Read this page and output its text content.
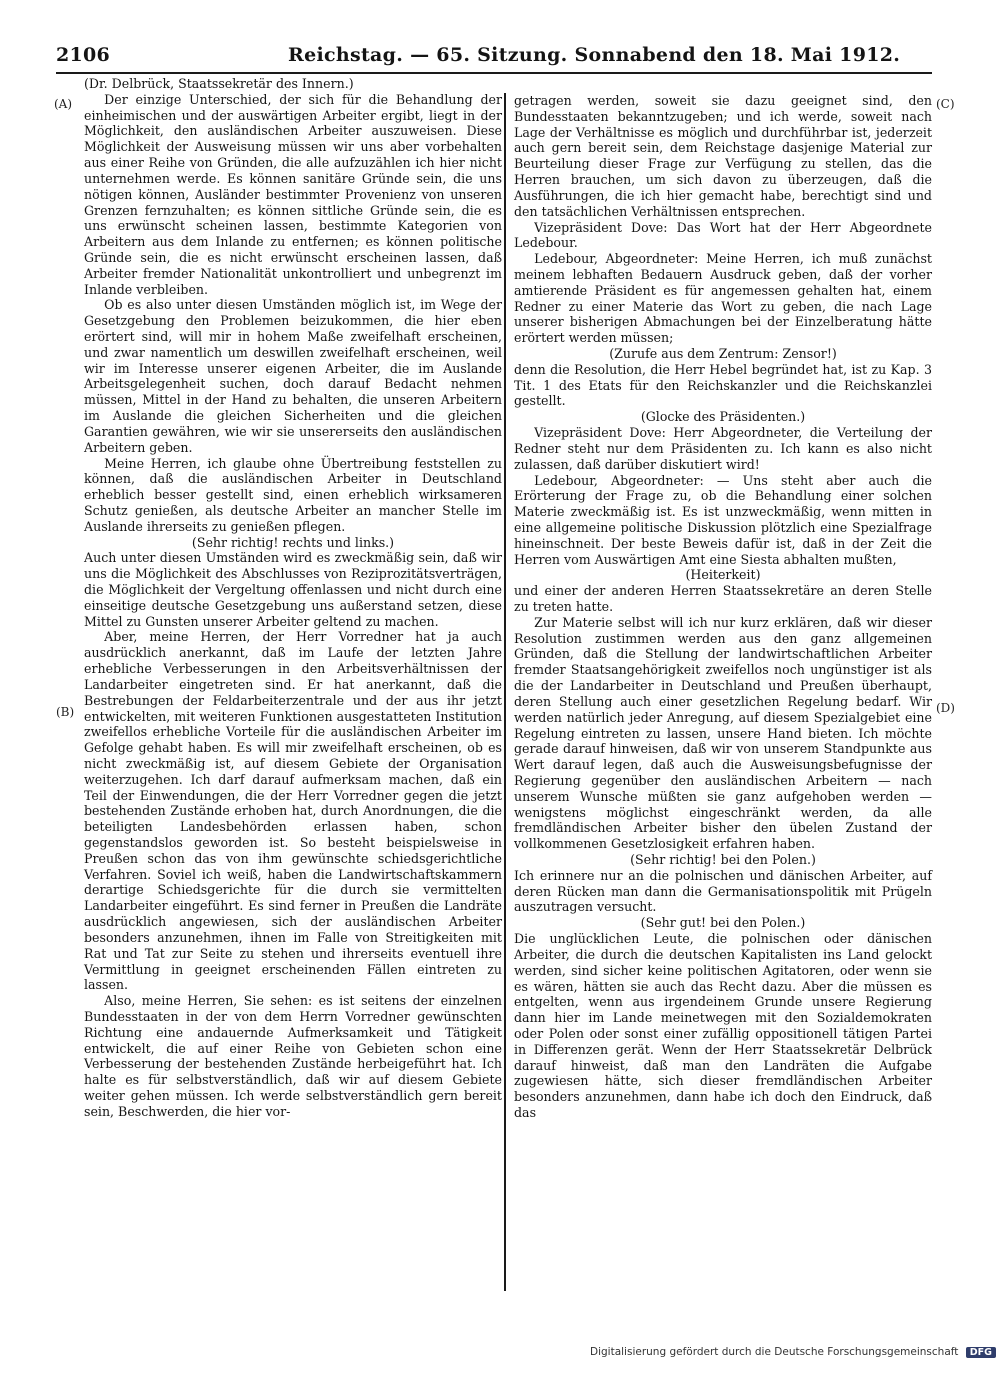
2106	Reichstag. — 65. Sitzung. Sonnabend den 18. Mai 1912.
(A)
(B)
(C)
(D)

(Dr. Delbrück, Staatssekretär des Innern.)

Der einzige Unterschied, der sich für die Behandlung der einheimischen und der auswärtigen Arbeiter ergibt, liegt in der Möglichkeit, den ausländischen Arbeiter auszuweisen. Diese Möglichkeit der Ausweisung müssen wir uns aber vorbehalten aus einer Reihe von Gründen, die alle aufzuzählen ich hier nicht unternehmen werde. Es können sanitäre Gründe sein, die uns nötigen können, Ausländer bestimmter Provenienz von unseren Grenzen fernzuhalten; es können sittliche Gründe sein, die es uns erwünscht scheinen lassen, bestimmte Kategorien von Arbeitern aus dem Inlande zu entfernen; es können politische Gründe sein, die es nicht erwünscht erscheinen lassen, daß Arbeiter fremder Nationalität unkontrolliert und unbegrenzt im Inlande verbleiben.

Ob es also unter diesen Umständen möglich ist, im Wege der Gesetzgebung den Problemen beizukommen, die hier eben erörtert sind, will mir in hohem Maße zweifelhaft erscheinen, und zwar namentlich um deswillen zweifelhaft erscheinen, weil wir im Interesse unserer eigenen Arbeiter, die im Auslande Arbeitsgelegenheit suchen, doch darauf Bedacht nehmen müssen, Mittel in der Hand zu behalten, die unseren Arbeitern im Auslande die gleichen Sicherheiten und die gleichen Garantien gewähren, wie wir sie unsererseits den ausländischen Arbeitern geben.

Meine Herren, ich glaube ohne Übertreibung feststellen zu können, daß die ausländischen Arbeiter in Deutschland erheblich besser gestellt sind, einen erheblich wirksameren Schutz genießen, als deutsche Arbeiter an mancher Stelle im Auslande ihrerseits zu genießen pflegen.

(Sehr richtig! rechts und links.)

Auch unter diesen Umständen wird es zweckmäßig sein, daß wir uns die Möglichkeit des Abschlusses von Reziprozitätsverträgen, die Möglichkeit der Vergeltung offenlassen und nicht durch eine einseitige deutsche Gesetzgebung uns außerstand setzen, diese Mittel zu Gunsten unserer Arbeiter geltend zu machen.

Aber, meine Herren, der Herr Vorredner hat ja auch ausdrücklich anerkannt, daß im Laufe der letzten Jahre erhebliche Verbesserungen in den Arbeitsverhältnissen der Landarbeiter eingetreten sind. Er hat anerkannt, daß die Bestrebungen der Feldarbeiterzentrale und der aus ihr jetzt entwickelten, mit weiteren Funktionen ausgestatteten Institution zweifellos erhebliche Vorteile für die ausländischen Arbeiter im Gefolge gehabt haben. Es will mir zweifelhaft erscheinen, ob es nicht zweckmäßig ist, auf diesem Gebiete der Organisation weiterzugehen. Ich darf darauf aufmerksam machen, daß ein Teil der Einwendungen, die der Herr Vorredner gegen die jetzt bestehenden Zustände erhoben hat, durch Anordnungen, die die beteiligten Landesbehörden erlassen haben, schon gegenstandslos geworden ist. So besteht beispielsweise in Preußen schon das von ihm gewünschte schiedsgerichtliche Verfahren. Soviel ich weiß, haben die Landwirtschaftskammern derartige Schiedsgerichte für die durch sie vermittelten Landarbeiter eingeführt. Es sind ferner in Preußen die Landräte ausdrücklich angewiesen, sich der ausländischen Arbeiter besonders anzunehmen, ihnen im Falle von Streitigkeiten mit Rat und Tat zur Seite zu stehen und ihrerseits eventuell ihre Vermittlung in geeignet erscheinenden Fällen eintreten zu lassen.

Also, meine Herren, Sie sehen: es ist seitens der einzelnen Bundesstaaten in der von dem Herrn Vorredner gewünschten Richtung eine andauernde Aufmerksamkeit und Tätigkeit entwickelt, die auf einer Reihe von Gebieten schon eine Verbesserung der bestehenden Zustände herbeigeführt hat. Ich halte es für selbstverständlich, daß wir auf diesem Gebiete weiter gehen müssen. Ich werde selbstverständlich gern bereit sein, Beschwerden, die hier vor-

getragen werden, soweit sie dazu geeignet sind, den Bundesstaaten bekanntzugeben; und ich werde, soweit nach Lage der Verhältnisse es möglich und durchführbar ist, jederzeit auch gern bereit sein, dem Reichstage dasjenige Material zur Beurteilung dieser Frage zur Verfügung zu stellen, das die Herren brauchen, um sich davon zu überzeugen, daß die Ausführungen, die ich hier gemacht habe, berechtigt sind und den tatsächlichen Verhältnissen entsprechen.

Vizepräsident Dove: Das Wort hat der Herr Abgeordnete Ledebour.

Ledebour, Abgeordneter: Meine Herren, ich muß zunächst meinem lebhaften Bedauern Ausdruck geben, daß der vorher amtierende Präsident es für angemessen gehalten hat, einem Redner zu einer Materie das Wort zu geben, die nach Lage unserer bisherigen Abmachungen bei der Einzelberatung hätte erörtert werden müssen;

(Zurufe aus dem Zentrum: Zensor!)

denn die Resolution, die Herr Hebel begründet hat, ist zu Kap. 3 Tit. 1 des Etats für den Reichskanzler und die Reichskanzlei gestellt.

(Glocke des Präsidenten.)

Vizepräsident Dove: Herr Abgeordneter, die Verteilung der Redner steht nur dem Präsidenten zu. Ich kann es also nicht zulassen, daß darüber diskutiert wird!

Ledebour, Abgeordneter: — Uns steht aber auch die Erörterung der Frage zu, ob die Behandlung einer solchen Materie zweckmäßig ist. Es ist unzweckmäßig, wenn mitten in eine allgemeine politische Diskussion plötzlich eine Spezialfrage hineinschneit. Der beste Beweis dafür ist, daß in der Zeit die Herren vom Auswärtigen Amt eine Siesta abhalten mußten,

(Heiterkeit)

und einer der anderen Herren Staatssekretäre an deren Stelle zu treten hatte.

Zur Materie selbst will ich nur kurz erklären, daß wir dieser Resolution zustimmen werden aus den ganz allgemeinen Gründen, daß die Stellung der landwirtschaftlichen Arbeiter fremder Staatsangehörigkeit zweifellos noch ungünstiger ist als die der Landarbeiter in Deutschland und Preußen überhaupt, deren Stellung auch einer gesetzlichen Regelung bedarf. Wir werden natürlich jeder Anregung, auf diesem Spezialgebiet eine Regelung eintreten zu lassen, unsere Hand bieten. Ich möchte gerade darauf hinweisen, daß wir von unserem Standpunkte aus Wert darauf legen, daß auch die Ausweisungsbefugnisse der Regierung gegenüber den ausländischen Arbeitern — nach unserem Wunsche müßten sie ganz aufgehoben werden — wenigstens möglichst eingeschränkt werden, da alle fremdländischen Arbeiter bisher den übelen Zustand der vollkommenen Gesetzlosigkeit erfahren haben.

(Sehr richtig! bei den Polen.)

Ich erinnere nur an die polnischen und dänischen Arbeiter, auf deren Rücken man dann die Germanisationspolitik mit Prügeln auszutragen versucht.

(Sehr gut! bei den Polen.)

Die unglücklichen Leute, die polnischen oder dänischen Arbeiter, die durch die deutschen Kapitalisten ins Land gelockt werden, sind sicher keine politischen Agitatoren, oder wenn sie es wären, hätten sie auch das Recht dazu. Aber die müssen es entgelten, wenn aus irgendeinem Grunde unsere Regierung dann hier im Lande meinetwegen mit den Sozialdemokraten oder Polen oder sonst einer zufällig oppositionell tätigen Partei in Differenzen gerät. Wenn der Herr Staatssekretär Delbrück darauf hinweist, daß man den Landräten die Aufgabe zugewiesen hätte, sich dieser fremdländischen Arbeiter besonders anzunehmen, dann habe ich doch den Eindruck, daß das

Digitalisierung gefördert durch die Deutsche Forschungsgemeinschaft DFG
